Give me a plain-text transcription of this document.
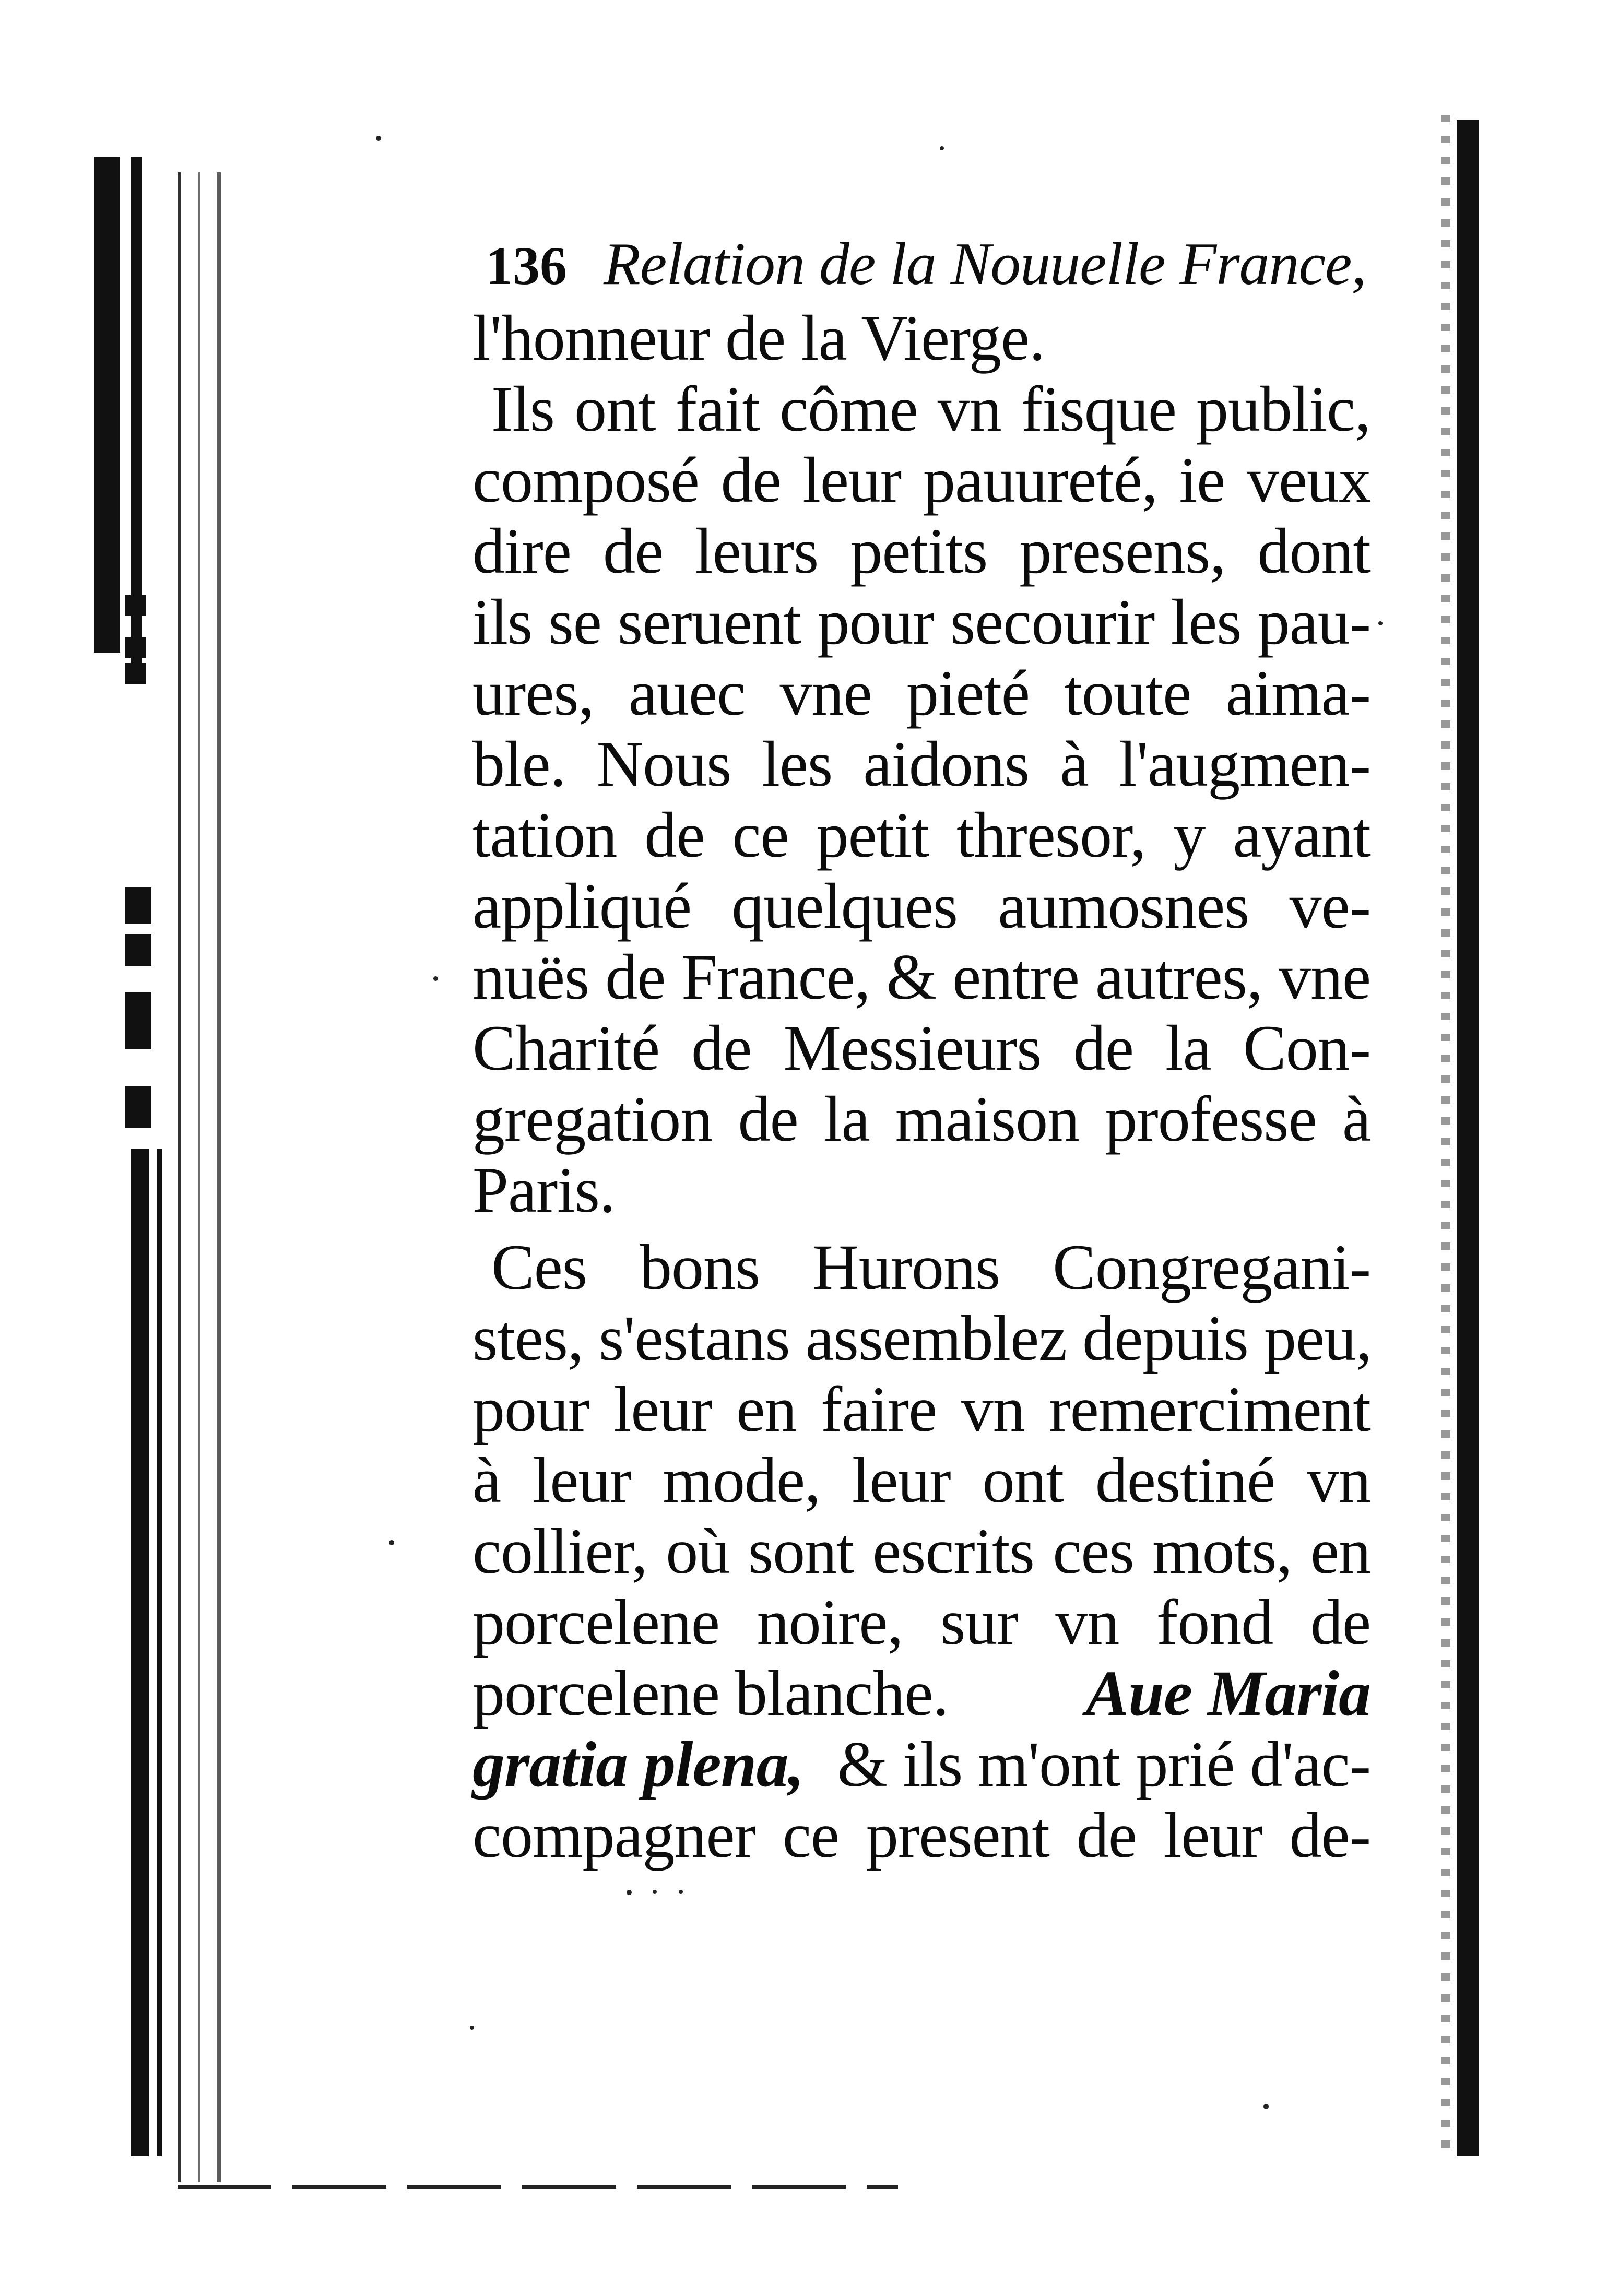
136 Relation de la Nouuelle France,
l'honneur de la Vierge.
Ils ont fait côme vn fisque public,
composé de leur pauureté, ie veux
dire de leurs petits presens, dont
ils se seruent pour secourir les pau-
ures, auec vne pieté toute aima-
ble. Nous les aidons à l'augmen-
tation de ce petit thresor, y ayant
appliqué quelques aumosnes ve-
nuës de France, & entre autres, vne
Charité de Messieurs de la Con-
gregation de la maison professe à
Paris.
Ces bons Hurons Congregani-
stes, s'estans assemblez depuis peu,
pour leur en faire vn remerciment
à leur mode, leur ont destiné vn
collier, où sont escrits ces mots, en
porcelene noire, sur vn fond de
porcelene blanche. Aue Maria
gratia plena, & ils m'ont prié d'ac-
compagner ce present de leur de-
